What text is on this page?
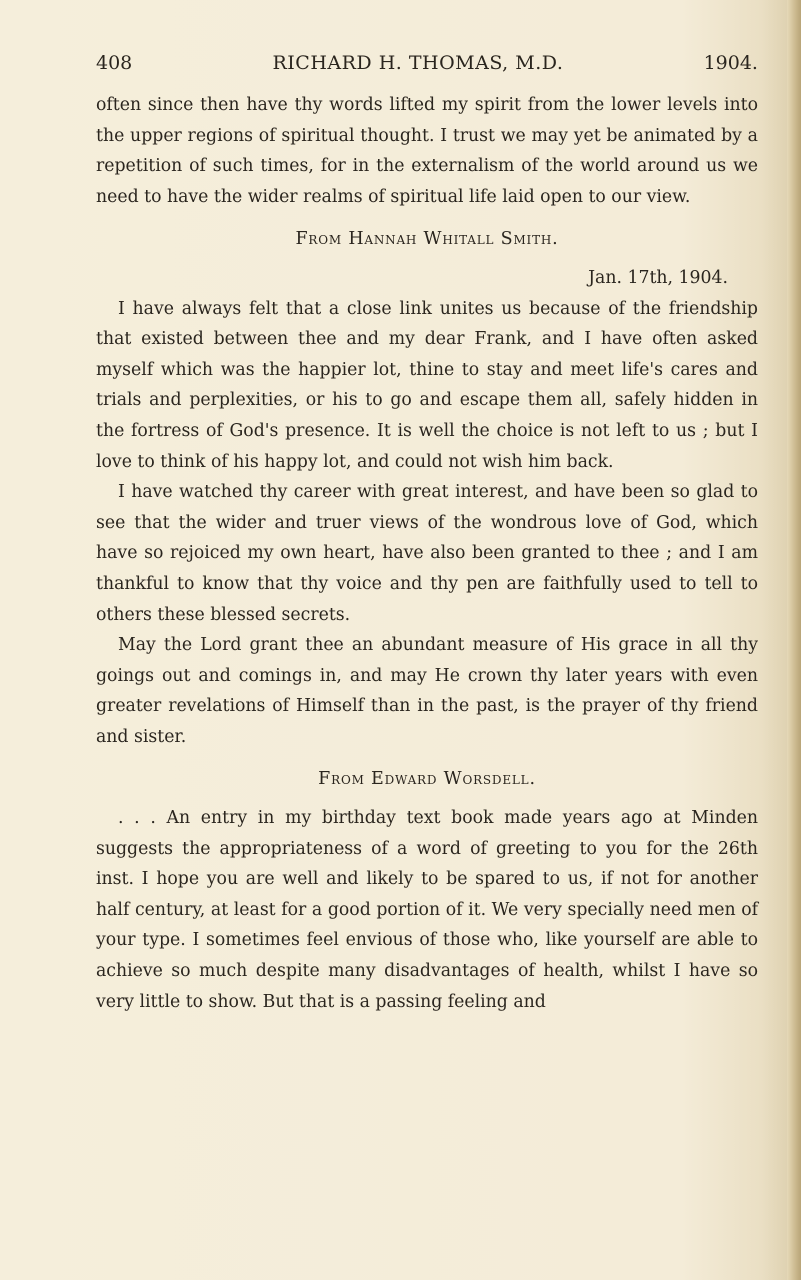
408	RICHARD H. THOMAS, M.D.	1904.

often since then have thy words lifted my spirit from the lower levels into the upper regions of spiritual thought. I trust we may yet be animated by a repetition of such times, for in the externalism of the world around us we need to have the wider realms of spiritual life laid open to our view.

From Hannah Whitall Smith.
Jan. 17th, 1904.

I have always felt that a close link unites us because of the friendship that existed between thee and my dear Frank, and I have often asked myself which was the happier lot, thine to stay and meet life's cares and trials and perplexities, or his to go and escape them all, safely hidden in the fortress of God's presence. It is well the choice is not left to us ; but I love to think of his happy lot, and could not wish him back.

I have watched thy career with great interest, and have been so glad to see that the wider and truer views of the wondrous love of God, which have so rejoiced my own heart, have also been granted to thee ; and I am thankful to know that thy voice and thy pen are faithfully used to tell to others these blessed secrets.

May the Lord grant thee an abundant measure of His grace in all thy goings out and comings in, and may He crown thy later years with even greater revelations of Himself than in the past, is the prayer of thy friend and sister.

From Edward Worsdell.

. . . An entry in my birthday text book made years ago at Minden suggests the appropriateness of a word of greeting to you for the 26th inst. I hope you are well and likely to be spared to us, if not for another half century, at least for a good portion of it. We very specially need men of your type. I sometimes feel envious of those who, like yourself are able to achieve so much despite many disadvantages of health, whilst I have so very little to show. But that is a passing feeling and
